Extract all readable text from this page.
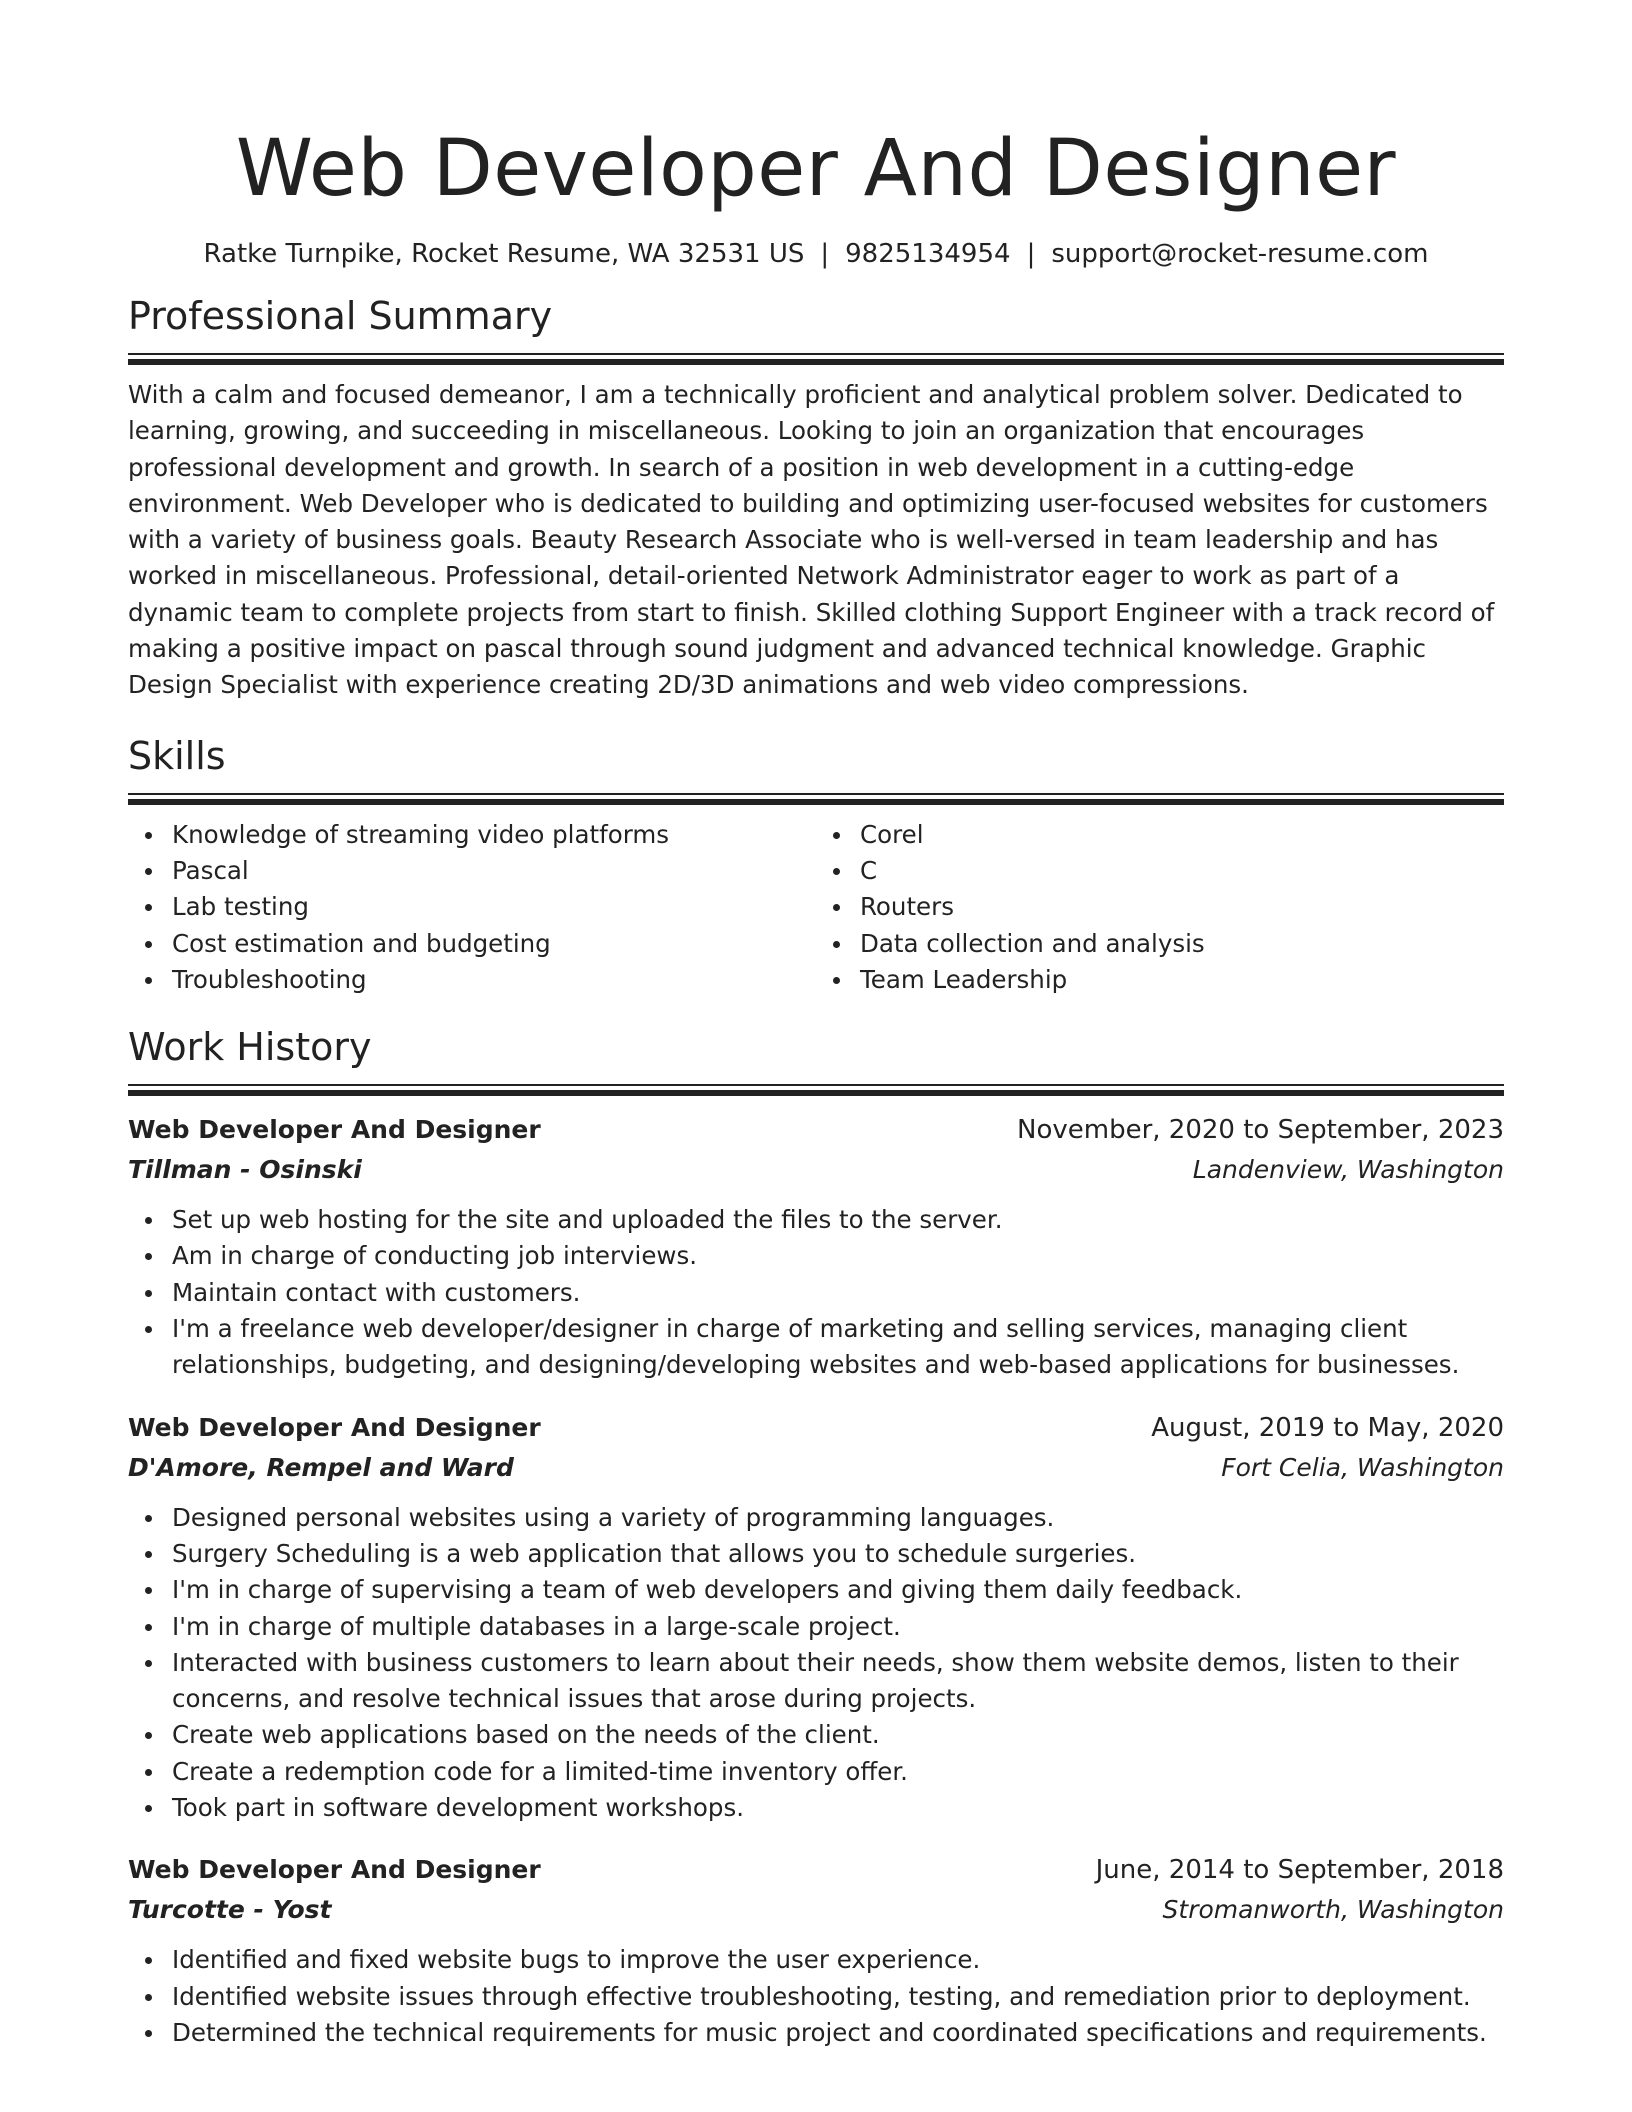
Web Developer And Designer
Ratke Turnpike, Rocket Resume, WA 32531 US | 9825134954 | support@rocket-resume.com
Professional Summary

With a calm and focused demeanor, I am a technically proficient and analytical problem solver. Dedicated to learning, growing, and succeeding in miscellaneous. Looking to join an organization that encourages professional development and growth. In search of a position in web development in a cutting-edge environment. Web Developer who is dedicated to building and optimizing user-focused websites for customers with a variety of business goals. Beauty Research Associate who is well-versed in team leadership and has worked in miscellaneous. Professional, detail-oriented Network Administrator eager to work as part of a dynamic team to complete projects from start to finish. Skilled clothing Support Engineer with a track record of making a positive impact on pascal through sound judgment and advanced technical knowledge. Graphic Design Specialist with experience creating 2D/3D animations and web video compressions.

Skills
Knowledge of streaming video platforms
Pascal
Lab testing
Cost estimation and budgeting
Troubleshooting
Corel
C
Routers
Data collection and analysis
Team Leadership
Work History
Web Developer And Designer	November, 2020 to September, 2023
Tillman - Osinski	Landenview, Washington
Set up web hosting for the site and uploaded the files to the server.
Am in charge of conducting job interviews.
Maintain contact with customers.
I'm a freelance web developer/designer in charge of marketing and selling services, managing client relationships, budgeting, and designing/developing websites and web-based applications for businesses.
Web Developer And Designer	August, 2019 to May, 2020
D'Amore, Rempel and Ward	Fort Celia, Washington
Designed personal websites using a variety of programming languages.
Surgery Scheduling is a web application that allows you to schedule surgeries.
I'm in charge of supervising a team of web developers and giving them daily feedback.
I'm in charge of multiple databases in a large-scale project.
Interacted with business customers to learn about their needs, show them website demos, listen to their concerns, and resolve technical issues that arose during projects.
Create web applications based on the needs of the client.
Create a redemption code for a limited-time inventory offer.
Took part in software development workshops.
Web Developer And Designer	June, 2014 to September, 2018
Turcotte - Yost	Stromanworth, Washington
Identified and fixed website bugs to improve the user experience.
Identified website issues through effective troubleshooting, testing, and remediation prior to deployment.
Determined the technical requirements for music project and coordinated specifications and requirements.
